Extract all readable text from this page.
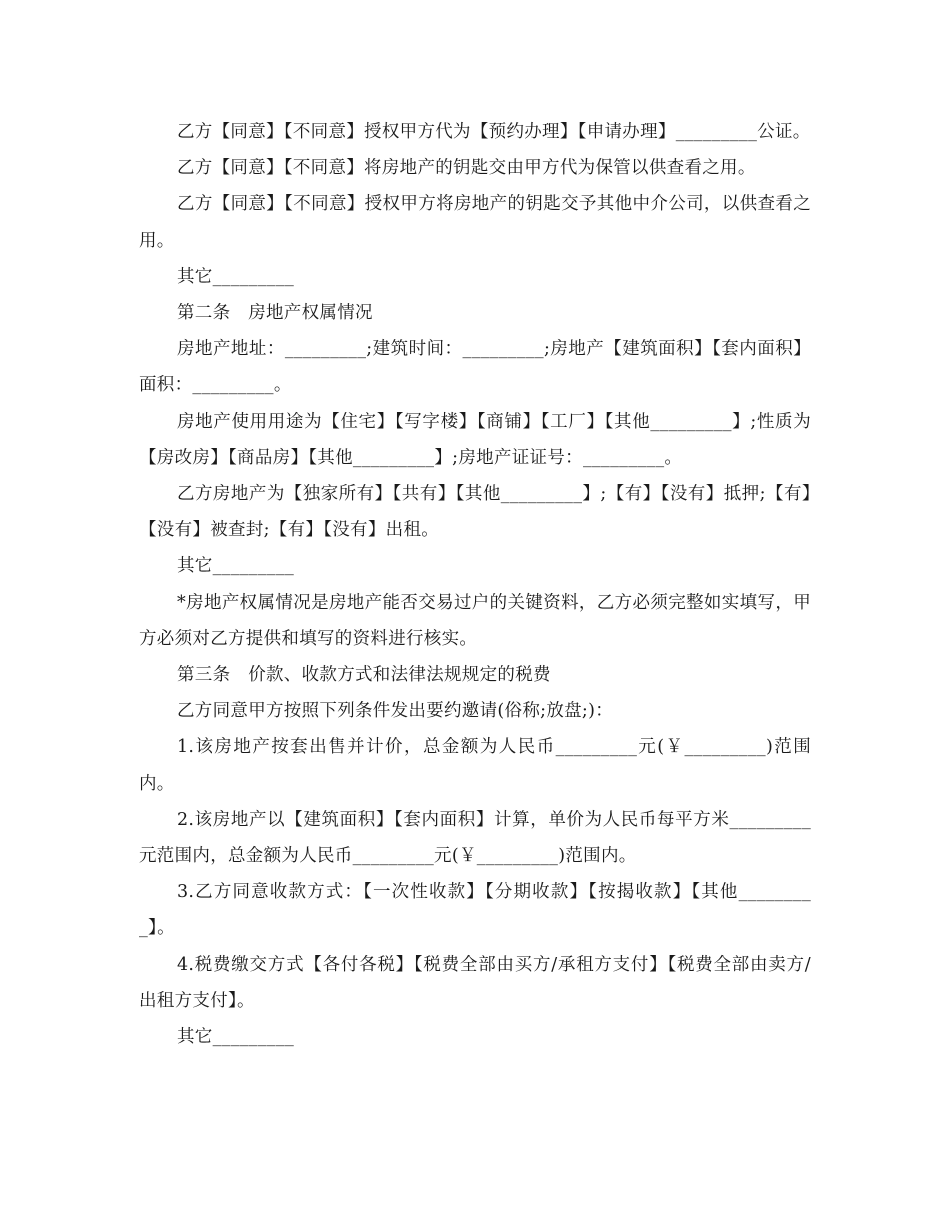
乙方【同意】【不同意】授权甲方代为【预约办理】【申请办理】_________公证。

乙方【同意】【不同意】将房地产的钥匙交由甲方代为保管以供查看之用。

乙方【同意】【不同意】授权甲方将房地产的钥匙交予其他中介公司，以供查看之用。

其它_________

第二条　房地产权属情况

房地产地址：_________;建筑时间：_________;房地产【建筑面积】【套内面积】面积：_________。

房地产使用用途为【住宅】【写字楼】【商铺】【工厂】【其他_________】;性质为【房改房】【商品房】【其他_________】;房地产证证号：_________。

乙方房地产为【独家所有】【共有】【其他_________】;【有】【没有】抵押;【有】【没有】被查封;【有】【没有】出租。

其它_________

*房地产权属情况是房地产能否交易过户的关键资料，乙方必须完整如实填写，甲方必须对乙方提供和填写的资料进行核实。

第三条　价款、收款方式和法律法规规定的税费

乙方同意甲方按照下列条件发出要约邀请(俗称;放盘;)：

1.该房地产按套出售并计价，总金额为人民币_________元(￥_________)范围内。

2.该房地产以【建筑面积】【套内面积】计算，单价为人民币每平方米_________元范围内，总金额为人民币_________元(￥_________)范围内。

3.乙方同意收款方式：【一次性收款】【分期收款】【按揭收款】【其他_________】。

4.税费缴交方式【各付各税】【税费全部由买方/承租方支付】【税费全部由卖方/出租方支付】。

其它_________
